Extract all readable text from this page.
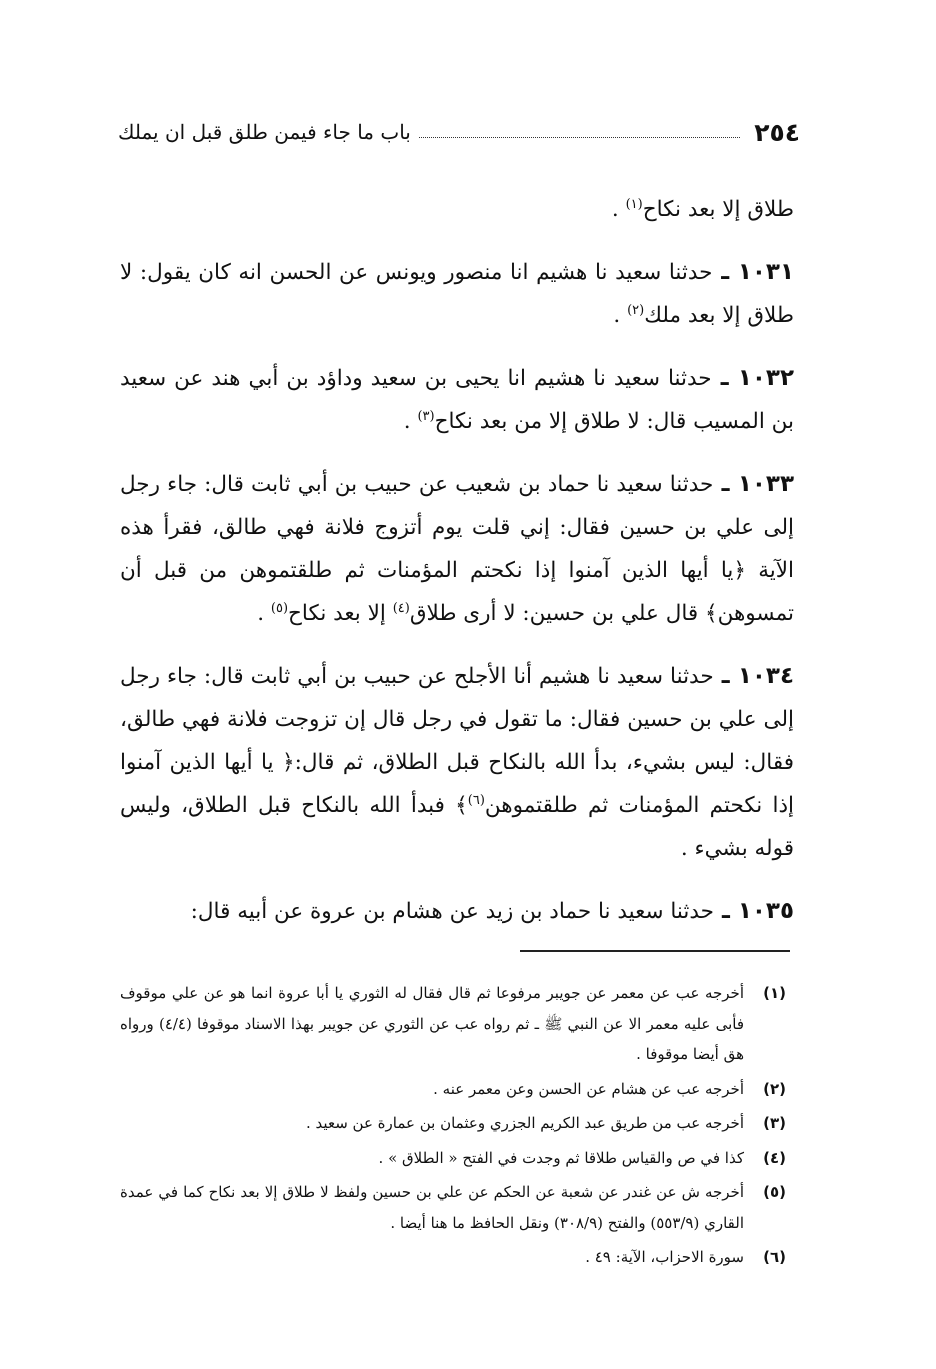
٢٥٤
باب ما جاء فيمن طلق قبل ان يملك

طلاق إلا بعد نكاح$^{(١)}$ .

١٠٣١ ـ حدثنا سعيد نا هشيم انا منصور ويونس عن الحسن انه كان يقول: لا طلاق إلا بعد ملك$^{(٢)}$ .

١٠٣٢ ـ حدثنا سعيد نا هشيم انا يحيى بن سعيد وداؤد بن أبي هند عن سعيد بن المسيب قال: لا طلاق إلا من بعد نكاح$^{(٣)}$ .

١٠٣٣ ـ حدثنا سعيد نا حماد بن شعيب عن حبيب بن أبي ثابت قال: جاء رجل إلى علي بن حسين فقال: إني قلت يوم أتزوج فلانة فهي طالق، فقرأ هذه الآية ﴿يا أيها الذين آمنوا إذا نكحتم المؤمنات ثم طلقتموهن من قبل أن تمسوهن﴾ قال علي بن حسين: لا أرى طلاق$^{(٤)}$ إلا بعد نكاح$^{(٥)}$ .

١٠٣٤ ـ حدثنا سعيد نا هشيم أنا الأجلح عن حبيب بن أبي ثابت قال: جاء رجل إلى علي بن حسين فقال: ما تقول في رجل قال إن تزوجت فلانة فهي طالق، فقال: ليس بشيء، بدأ الله بالنكاح قبل الطلاق، ثم قال:﴿ يا أيها الذين آمنوا إذا نكحتم المؤمنات ثم طلقتموهن$^{(٦)}$﴾ فبدأ الله بالنكاح قبل الطلاق، وليس قوله بشيء .

١٠٣٥ ـ حدثنا سعيد نا حماد بن زيد عن هشام بن عروة عن أبيه قال:

(١)
أخرجه عب عن معمر عن جويبر مرفوعا ثم قال فقال له الثوري يا أبا عروة انما هو عن علي موقوف فأبى عليه معمر الا عن النبي ﷺ ـ ثم رواه عب عن الثوري عن جويبر بهذا الاسناد موقوفا (٤/٤) ورواه هق أيضا موقوفا .
(٢)
أخرجه عب عن هشام عن الحسن وعن معمر عنه .
(٣)
أخرجه عب من طريق عبد الكريم الجزري وعثمان بن عمارة عن سعيد .
(٤)
كذا في ص والقياس طلاقا ثم وجدت في الفتح « الطلاق » .
(٥)
أخرجه ش عن غندر عن شعبة عن الحكم عن علي بن حسين ولفظ لا طلاق إلا بعد نكاح كما في عمدة القاري (٥٥٣/٩) والفتح (٣٠٨/٩) ونقل الحافظ ما هنا أيضا .
(٦)
سورة الاحزاب، الآية: ٤٩ .
